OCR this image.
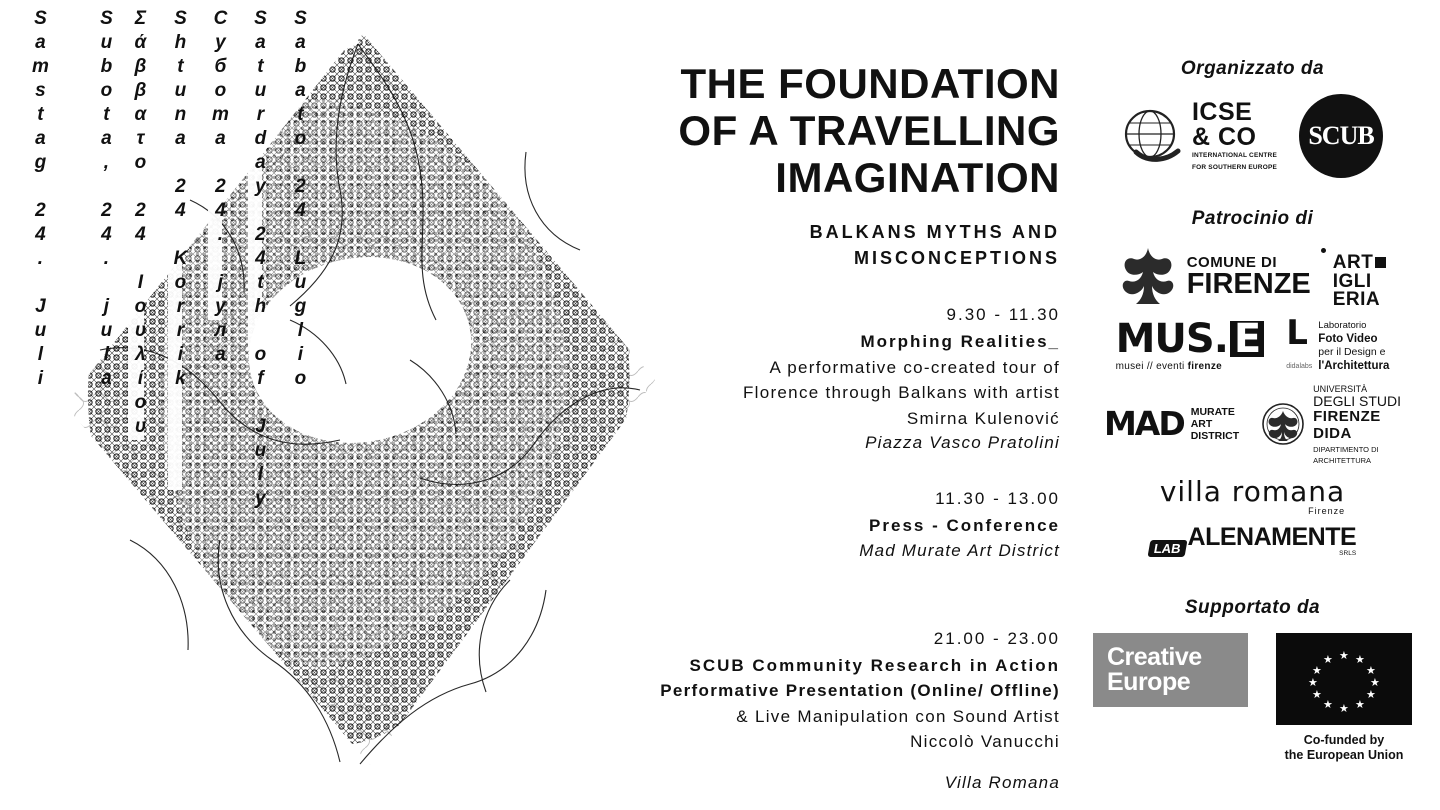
Samstag 24. Juli Subota, 24. jula Σάββατο 24 Ιουλίου Shtuna 24 Korrik Субота 24. јула Saturday 24th of July Sabato 24 Luglio	THE FOUNDATION
OF A TRAVELLING
IMAGINATION
BALKANS MYTHS AND
MISCONCEPTIONS
9.30 - 11.30
Morphing Realities_
A performative co-created tour of
Florence through Balkans with artist
Smirna Kulenović
Piazza Vasco Pratolini
11.30 - 13.00
Press - Conference
Mad Murate Art District
21.00 - 23.00
SCUB Community Research in Action
Performative Presentation (Online/ Offline)
& Live Manipulation con Sound Artist
Niccolò Vanucchi
Villa Romana
Organizzato da
ICSE
& CO
INTERNATIONAL CENTRE
FOR SOUTHERN EUROPE
SCUB
Patrocinio di
COMUNE DI
FIRENZE
ART
IGLI
ERIA
MUS. E
musei // eventi firenze
L
didalabs
Laboratorio
Foto Video
per il Design e
l'Architettura
MAD MURATE
ART
DISTRICT
UNIVERSITÀ
DEGLI STUDI
FIRENZE
DIDA
DIPARTIMENTO DI
ARCHITETTURA
villa romana
Firenze
LAB ALENAMENTE
SRLS
Supportato da
Creative
Europe
★
★ ★
★	★
★	★
★	★
★ ★
★
Co-funded by
the European Union
